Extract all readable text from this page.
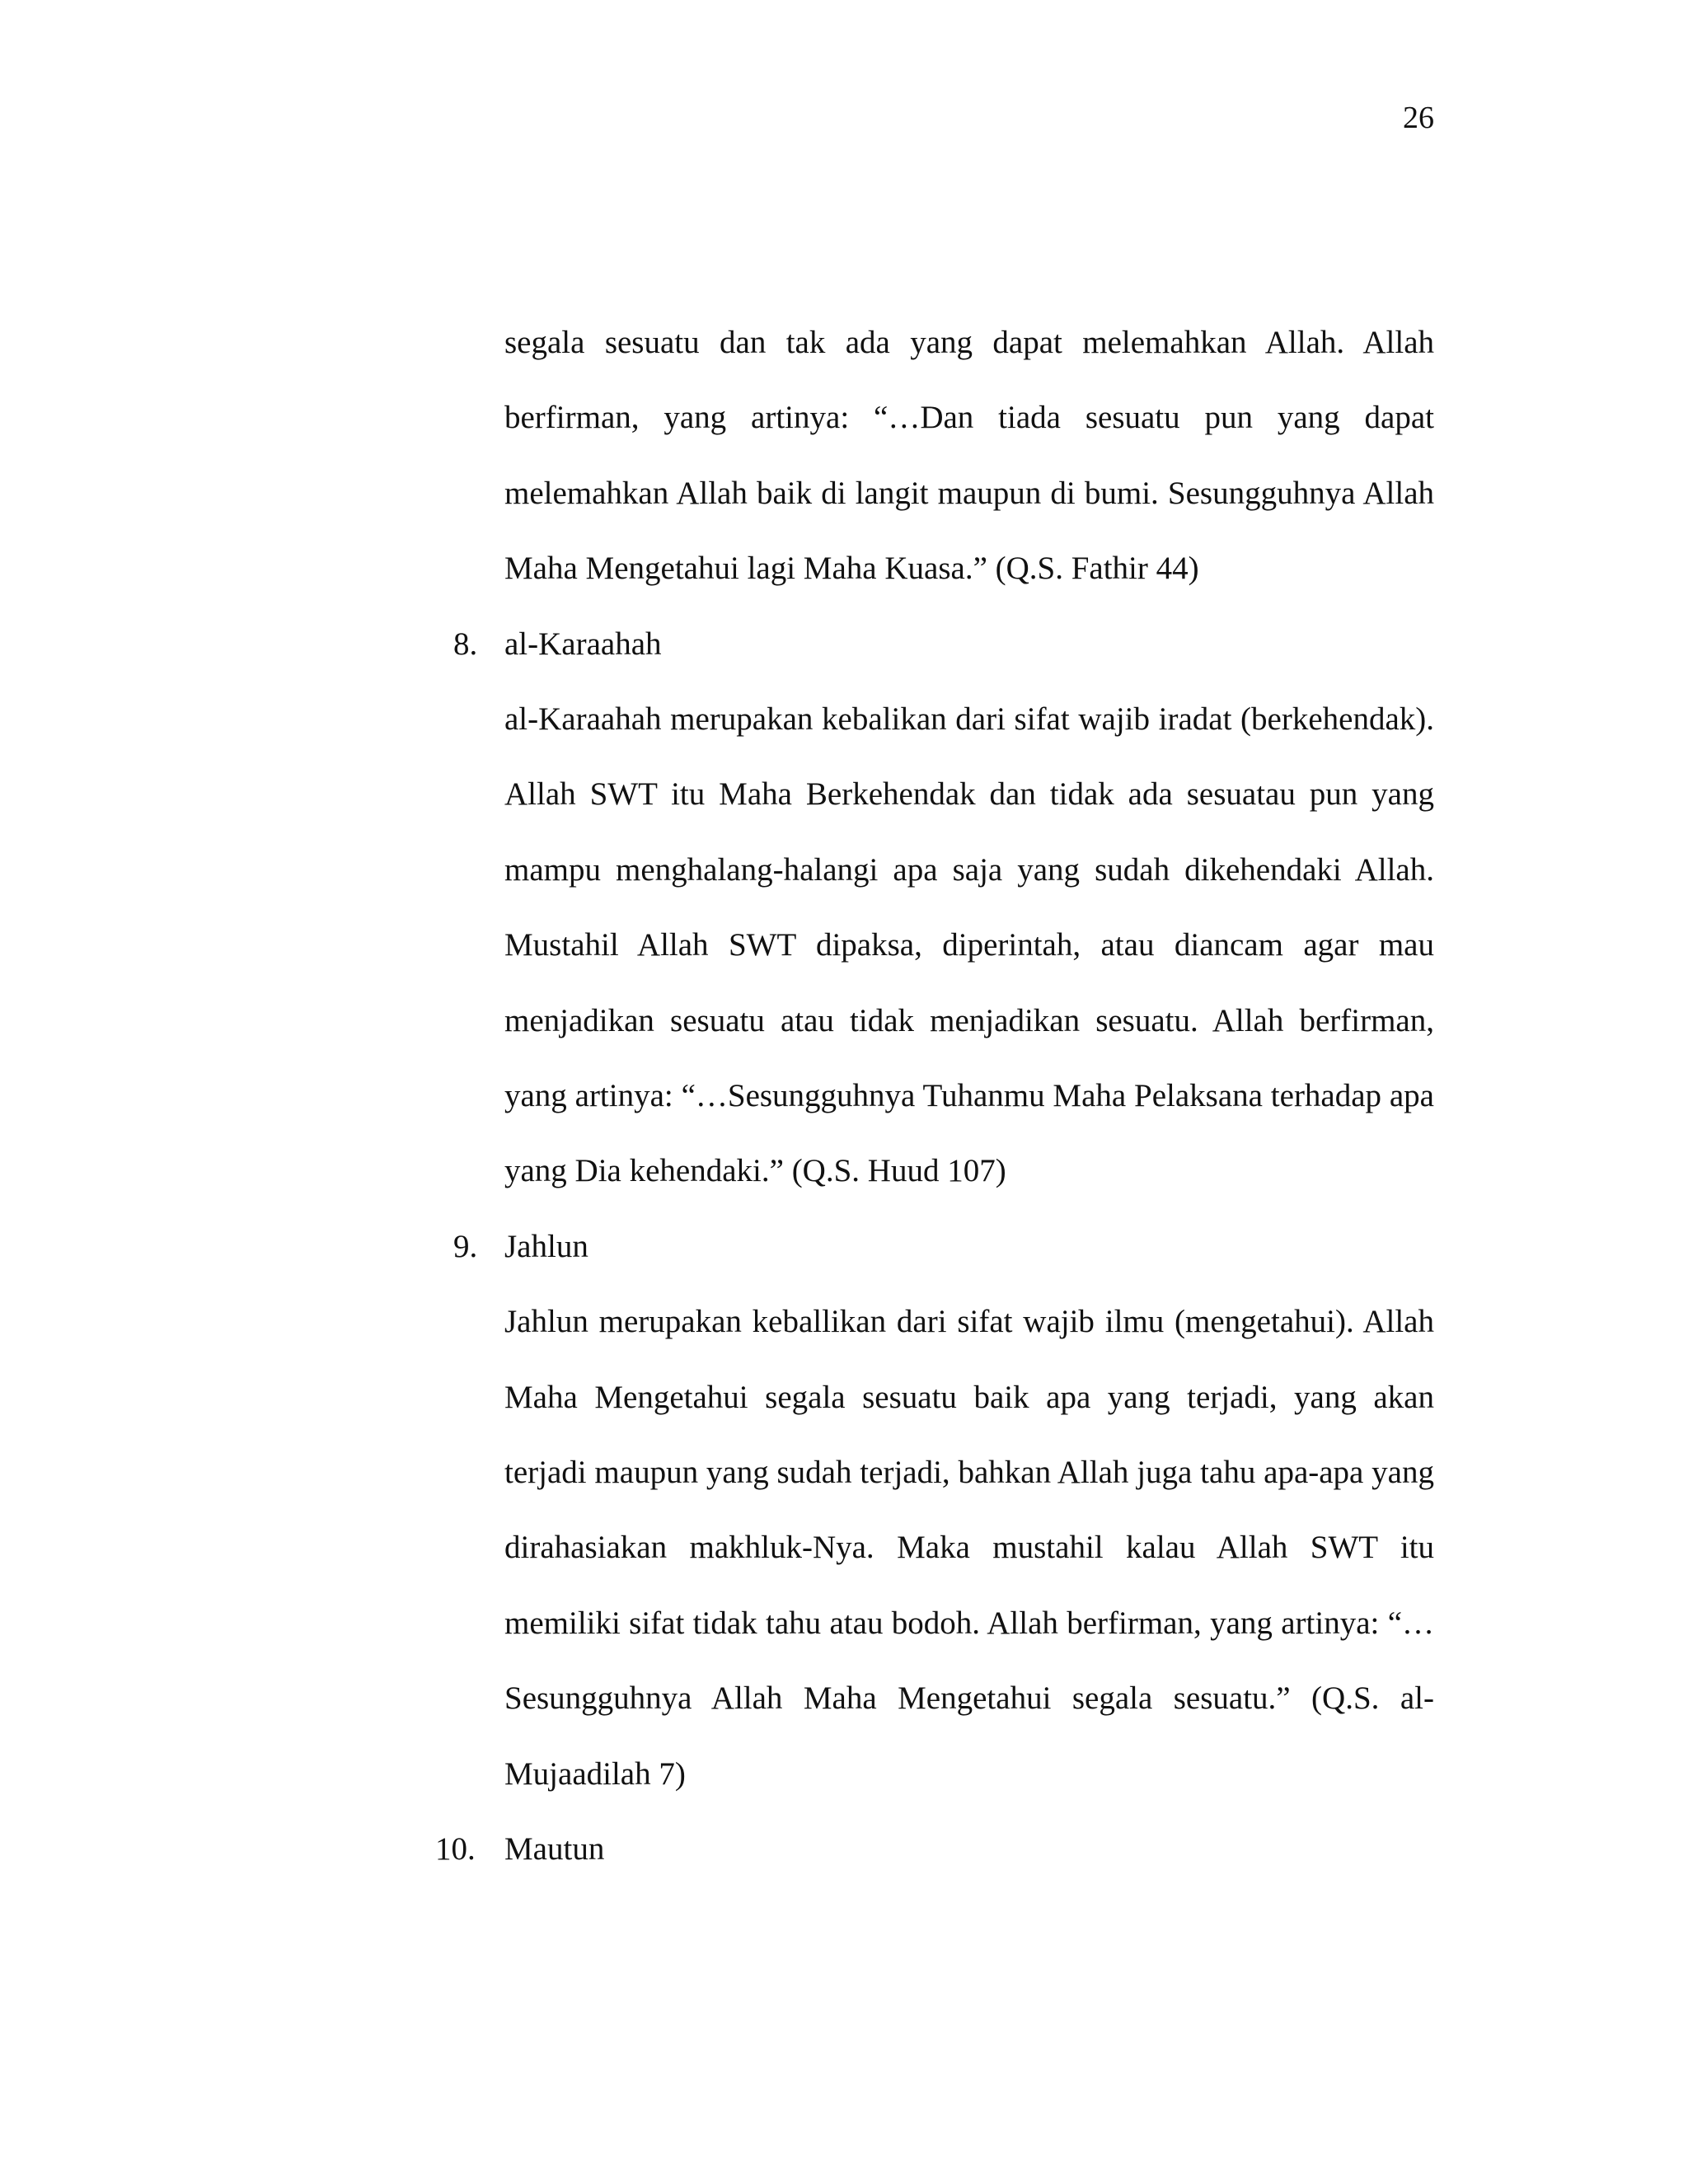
26

segala sesuatu dan tak ada yang dapat melemahkan Allah. Allah berfirman, yang artinya: “…Dan tiada sesuatu pun yang dapat melemahkan Allah baik di langit maupun di bumi. Sesungguhnya Allah Maha Mengetahui lagi Maha Kuasa.” (Q.S. Fathir 44)

8. al-Karaahah

al-Karaahah merupakan kebalikan dari sifat wajib iradat (berkehendak). Allah SWT itu Maha Berkehendak dan tidak ada sesuatau pun yang mampu menghalang-halangi apa saja yang sudah dikehendaki Allah. Mustahil Allah SWT dipaksa, diperintah, atau diancam agar mau menjadikan sesuatu atau tidak menjadikan sesuatu. Allah berfirman, yang artinya: “…Sesungguhnya Tuhanmu Maha Pelaksana terhadap apa yang Dia kehendaki.” (Q.S. Huud 107)

9. Jahlun

Jahlun merupakan keballikan dari sifat wajib ilmu (mengetahui). Allah Maha Mengetahui segala sesuatu baik apa yang terjadi, yang akan terjadi maupun yang sudah terjadi, bahkan Allah juga tahu apa-apa yang dirahasiakan makhluk-Nya. Maka mustahil kalau Allah SWT itu memiliki sifat tidak tahu atau bodoh. Allah berfirman, yang artinya: “…Sesungguhnya Allah Maha Mengetahui segala sesuatu.” (Q.S. al-Mujaadilah 7)

10. Mautun
